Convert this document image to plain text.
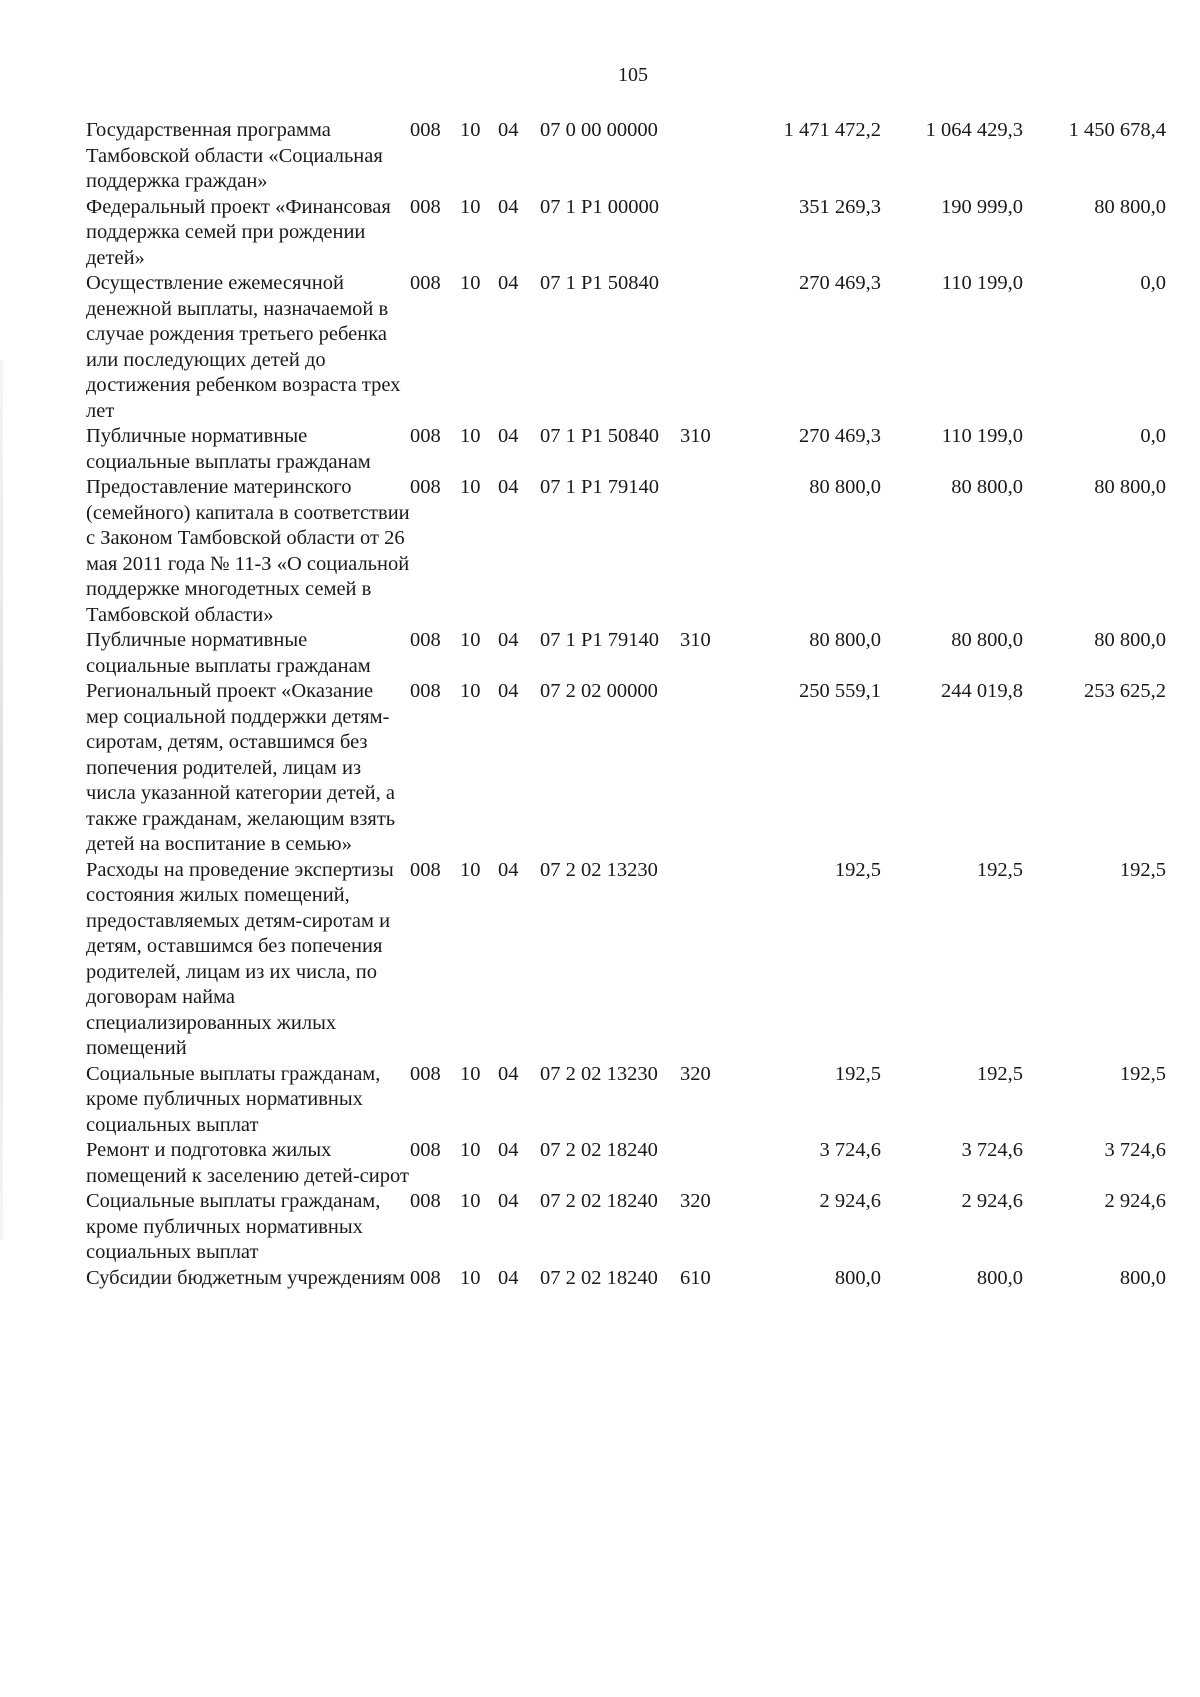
105
Государственная программа Тамбовской области «Социальная поддержка граждан»	008	10	04	07 0 00 00000		1 471 472,2	1 064 429,3	1 450 678,4
Федеральный проект «Финансовая поддержка семей при рождении детей»	008	10	04	07 1 P1 00000		351 269,3	190 999,0	80 800,0
Осуществление ежемесячной денежной выплаты, назначаемой в случае рождения третьего ребенка или последующих детей до достижения ребенком возраста трех лет	008	10	04	07 1 P1 50840		270 469,3	110 199,0	0,0
Публичные нормативные социальные выплаты гражданам	008	10	04	07 1 P1 50840	310	270 469,3	110 199,0	0,0
Предоставление материнского (семейного) капитала в соответствии с Законом Тамбовской области от 26 мая 2011 года № 11-З «О социальной поддержке многодетных семей в Тамбовской области»	008	10	04	07 1 P1 79140		80 800,0	80 800,0	80 800,0
Публичные нормативные социальные выплаты гражданам	008	10	04	07 1 P1 79140	310	80 800,0	80 800,0	80 800,0
Региональный проект «Оказание мер социальной поддержки детям-сиротам, детям, оставшимся без попечения родителей, лицам из числа указанной категории детей, а также гражданам, желающим взять детей на воспитание в семью»	008	10	04	07 2 02 00000		250 559,1	244 019,8	253 625,2
Расходы на проведение экспертизы состояния жилых помещений, предоставляемых детям-сиротам и детям, оставшимся без попечения родителей, лицам из их числа, по договорам найма специализированных жилых помещений	008	10	04	07 2 02 13230		192,5	192,5	192,5
Социальные выплаты гражданам, кроме публичных нормативных социальных выплат	008	10	04	07 2 02 13230	320	192,5	192,5	192,5
Ремонт и подготовка жилых помещений к заселению детей-сирот	008	10	04	07 2 02 18240		3 724,6	3 724,6	3 724,6
Социальные выплаты гражданам, кроме публичных нормативных социальных выплат	008	10	04	07 2 02 18240	320	2 924,6	2 924,6	2 924,6
Субсидии бюджетным учреждениям	008	10	04	07 2 02 18240	610	800,0	800,0	800,0
